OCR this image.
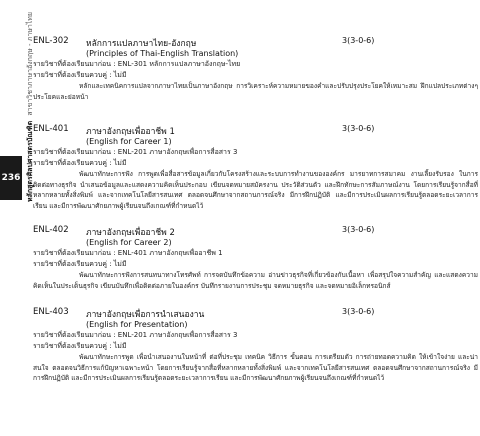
236 หลักสูตรศิลปศาสตรบัณฑิต สาขาวิชาภาษาอังกฤษ - ภาษาไทย ENL-302 หลักการแปลภาษาไทย-อังกฤษ	3(3-0-6)
(Principles of Thai-English Translation)
รายวิชาที่ต้องเรียนมาก่อน : ENL-301 หลักการแปลภาษาอังกฤษ-ไทย
รายวิชาที่ต้องเรียนควบคู่ : ไม่มี

หลักและเทคนิคการแปลจากภาษาไทยเป็นภาษาอังกฤษ การวิเคราะห์ความหมายของคำและปรับปรุงประโยคให้เหมาะสม ฝึกแปลประเภทต่างๆ ประโยคและย่อหน้า

ENL-401 ภาษาอังกฤษเพื่ออาชีพ 1	3(3-0-6)
(English for Career 1)
รายวิชาที่ต้องเรียนมาก่อน : ENL-201 ภาษาอังกฤษเพื่อการสื่อสาร 3
รายวิชาที่ต้องเรียนควบคู่ : ไม่มี

พัฒนาทักษะการฟัง การพูดเพื่อสื่อสารข้อมูลเกี่ยวกับโครงสร้างและระบบการทำงานขององค์กร มารยาทการสมาคม งานเลี้ยงรับรอง ในการติดต่อทางธุรกิจ นำเสนอข้อมูลและแสดงความคิดเห็นประกอบ เขียนจดหมายสมัครงาน ประวัติส่วนตัว และฝึกทักษะการสัมภาษณ์งาน โดยการเรียนรู้จากสื่อที่หลากหลายทั้งสิ่งพิมพ์ และจากเทคโนโลยีสารสนเทศ ตลอดจนศึกษาจากสถานการณ์จริง มีการฝึกปฏิบัติ และมีการประเมินผลการเรียนรู้ตลอดระยะเวลาการเรียน และมีการพัฒนาศักยภาพผู้เรียนจนถึงเกณฑ์ที่กำหนดไว้

ENL-402 ภาษาอังกฤษเพื่ออาชีพ 2	3(3-0-6)
(English for Career 2)
รายวิชาที่ต้องเรียนมาก่อน : ENL-401 ภาษาอังกฤษเพื่ออาชีพ 1
รายวิชาที่ต้องเรียนควบคู่ : ไม่มี

พัฒนาทักษะการฟังการสนทนาทางโทรศัพท์ การจดบันทึกข้อความ อ่านข่าวธุรกิจที่เกี่ยวข้องกับเนื้อหา เพื่อสรุปใจความสำคัญ และแสดงความคิดเห็นในประเด็นธุรกิจ เขียนบันทึกเพื่อติดต่อภายในองค์กร บันทึกรายงานการประชุม จดหมายธุรกิจ และจดหมายอิเล็กทรอนิกส์

ENL-403 ภาษาอังกฤษเพื่อการนำเสนองาน	3(3-0-6)
(English for Presentation)
รายวิชาที่ต้องเรียนมาก่อน : ENL-201 ภาษาอังกฤษเพื่อการสื่อสาร 3
รายวิชาที่ต้องเรียนควบคู่ : ไม่มี

พัฒนาทักษะการพูด เพื่อนำเสนองานในหน้าที่ ต่อที่ประชุม เทคนิค วิธีการ ขั้นตอน การเตรียมตัว การถ่ายทอดความคิด ให้เข้าใจง่าย และน่าสนใจ ตลอดจนวิธีการแก้ปัญหาเฉพาะหน้า โดยการเรียนรู้จากสื่อที่หลากหลายทั้งสิ่งพิมพ์ และจากเทคโนโลยีสารสนเทศ ตลอดจนศึกษาจากสถานการณ์จริง มีการฝึกปฏิบัติ และมีการประเมินผลการเรียนรู้ตลอดระยะเวลาการเรียน และมีการพัฒนาศักยภาพผู้เรียนจนถึงเกณฑ์ที่กำหนดไว้
